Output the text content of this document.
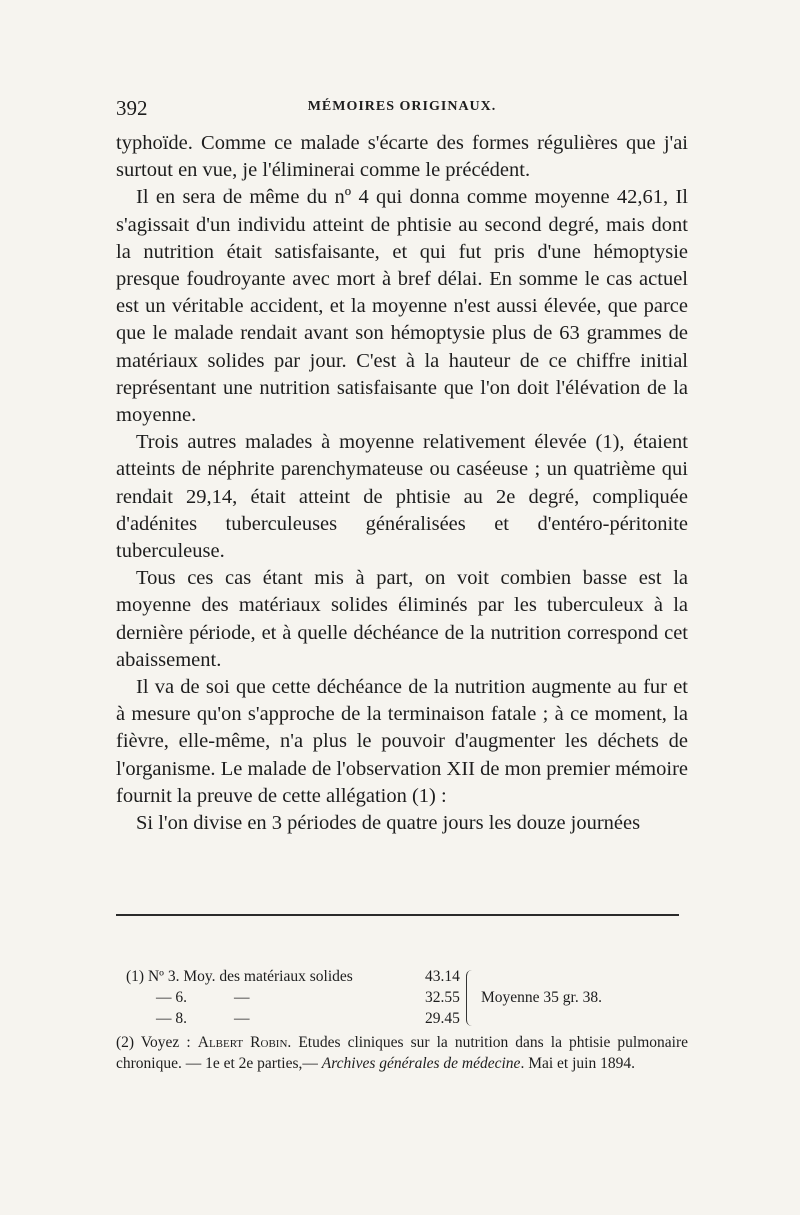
392	MÉMOIRES ORIGINAUX.

typhoïde. Comme ce malade s'écarte des formes régulières que j'ai surtout en vue, je l'éliminerai comme le précédent.

Il en sera de même du nº 4 qui donna comme moyenne 42,61, Il s'agissait d'un individu atteint de phtisie au second degré, mais dont la nutrition était satisfaisante, et qui fut pris d'une hémoptysie presque foudroyante avec mort à bref délai. En somme le cas actuel est un véritable accident, et la moyenne n'est aussi élevée, que parce que le malade rendait avant son hémoptysie plus de 63 grammes de matériaux solides par jour. C'est à la hauteur de ce chiffre initial représentant une nutrition satisfaisante que l'on doit l'élévation de la moyenne.

Trois autres malades à moyenne relativement élevée (1), étaient atteints de néphrite parenchymateuse ou caséeuse ; un quatrième qui rendait 29,14, était atteint de phtisie au 2e degré, compliquée d'adénites tuberculeuses généralisées et d'entéro-péritonite tuberculeuse.

Tous ces cas étant mis à part, on voit combien basse est la moyenne des matériaux solides éliminés par les tuberculeux à la dernière période, et à quelle déchéance de la nutrition correspond cet abaissement.

Il va de soi que cette déchéance de la nutrition augmente au fur et à mesure qu'on s'approche de la terminaison fatale ; à ce moment, la fièvre, elle-même, n'a plus le pouvoir d'augmenter les déchets de l'organisme. Le malade de l'observation XII de mon premier mémoire fournit la preuve de cette allégation (1) :

Si l'on divise en 3 périodes de quatre jours les douze journées

(1) Nº 3. Moy. des matériaux solides	43.14
— 6.	—	32.55
— 8.	—	29.45
Moyenne 35 gr. 38.
(2) Voyez : Albert Robin. Etudes cliniques sur la nutrition dans la phtisie pulmonaire chronique. — 1e et 2e parties,— Archives générales de médecine. Mai et juin 1894.
